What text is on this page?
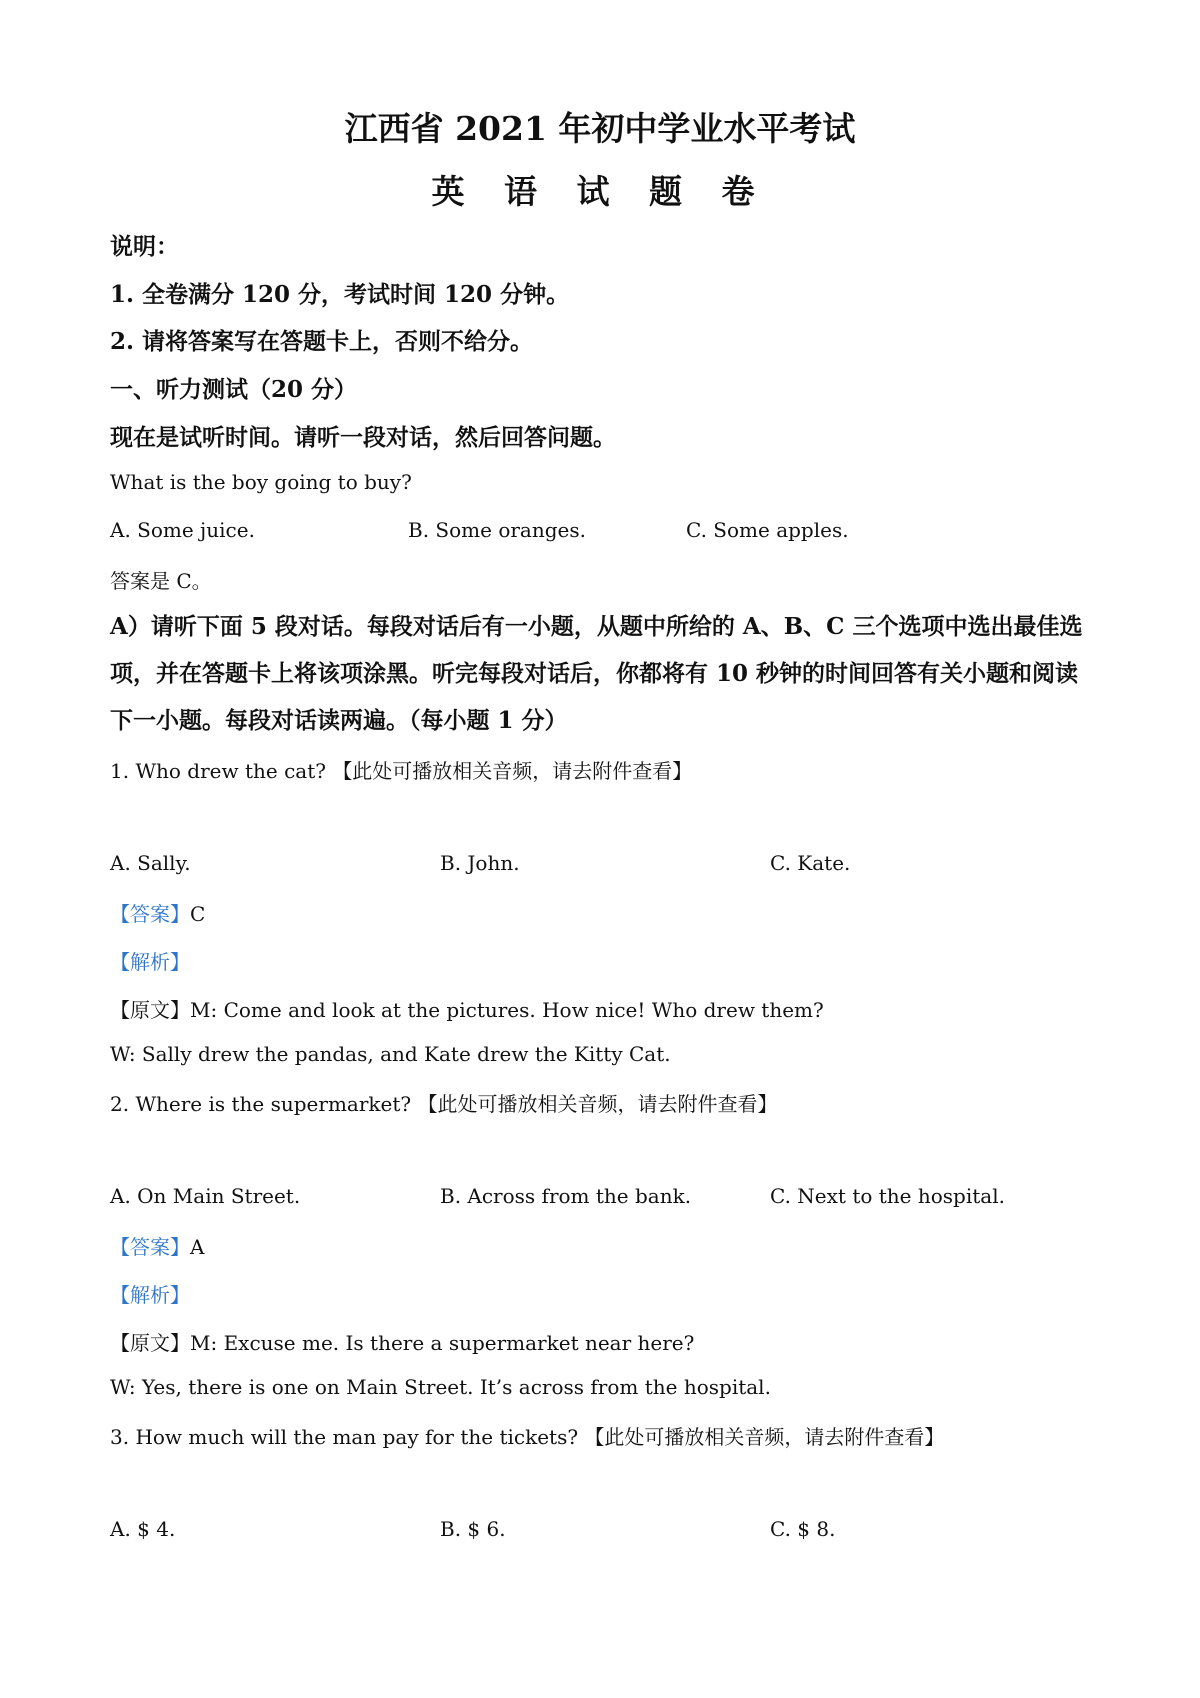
江西省 2021 年初中学业水平考试
英 语 试 题 卷
说明：
1. 全卷满分 120 分，考试时间 120 分钟。
2. 请将答案写在答题卡上，否则不给分。
一、听力测试（20 分）
现在是试听时间。请听一段对话，然后回答问题。
What is the boy going to buy?
A. Some juice.	B. Some oranges.	C. Some apples.
答案是 C。
A）请听下面 5 段对话。每段对话后有一小题，从题中所给的 A、B、C 三个选项中选出最佳选项，并在答题卡上将该项涂黑。听完每段对话后，你都将有 10 秒钟的时间回答有关小题和阅读下一小题。每段对话读两遍。（每小题 1 分）
1. Who drew the cat? 【此处可播放相关音频，请去附件查看】
A. Sally.	B. John.	C. Kate.
【答案】C
【解析】
【原文】M: Come and look at the pictures. How nice! Who drew them?
W: Sally drew the pandas, and Kate drew the Kitty Cat.
2. Where is the supermarket? 【此处可播放相关音频，请去附件查看】
A. On Main Street.	B. Across from the bank.	C. Next to the hospital.
【答案】A
【解析】
【原文】M: Excuse me. Is there a supermarket near here?
W: Yes, there is one on Main Street. It’s across from the hospital.
3. How much will the man pay for the tickets? 【此处可播放相关音频，请去附件查看】
A. $ 4.	B. $ 6.	C. $ 8.
